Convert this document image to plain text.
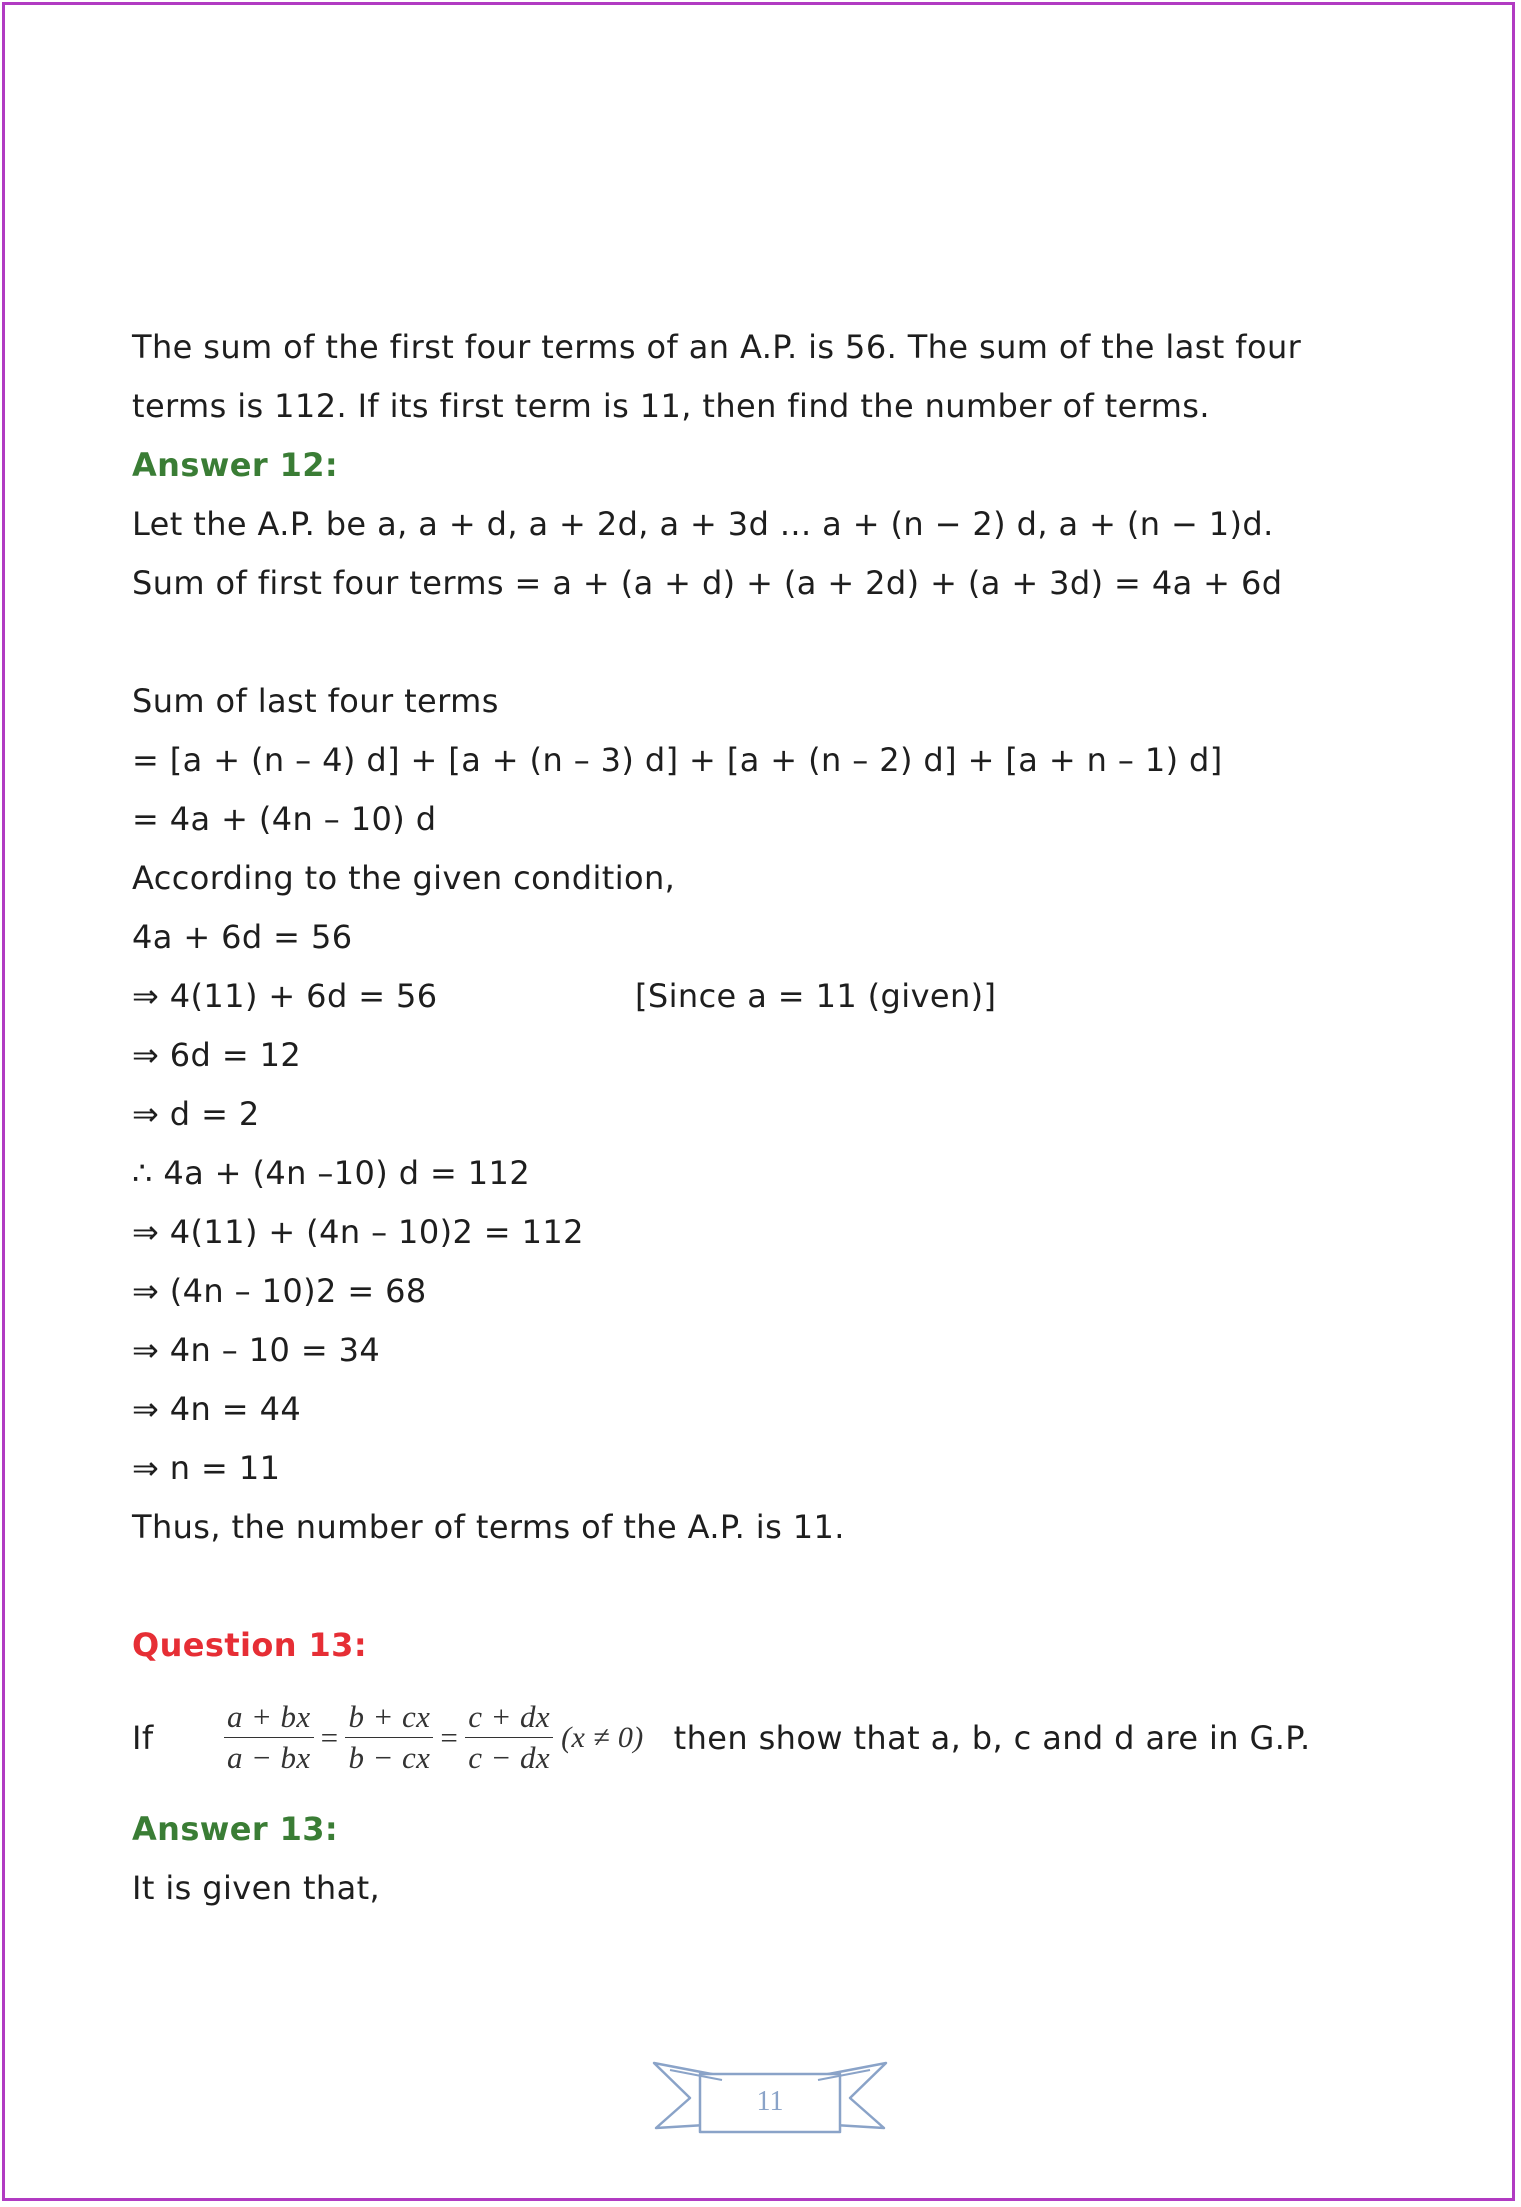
The sum of the first four terms of an A.P. is 56. The sum of the last four
terms is 112. If its first term is 11, then find the number of terms.
Answer 12:
Let the A.P. be a, a + d, a + 2d, a + 3d ... a + (n − 2) d, a + (n − 1)d.
Sum of first four terms = a + (a + d) + (a + 2d) + (a + 3d) = 4a + 6d
Sum of last four terms
= [a + (n – 4) d] + [a + (n – 3) d] + [a + (n – 2) d] + [a + n – 1) d]
= 4a + (4n – 10) d
According to the given condition,
4a + 6d = 56
⇒ 4(11) + 6d = 56	[Since a = 11 (given)]
⇒ 6d = 12
⇒ d = 2
∴ 4a + (4n –10) d = 112
⇒ 4(11) + (4n – 10)2 = 112
⇒ (4n – 10)2 = 68
⇒ 4n – 10 = 34
⇒ 4n = 44
⇒ n = 11
Thus, the number of terms of the A.P. is 11.
Question 13:
If	$\frac{a + bx}{a - bx} = \frac{b + cx}{b - cx} = \frac{c + dx}{c - dx} (x \ne 0)$ then show that a, b, c and d are in G.P.
Answer 13:
It is given that,
11
